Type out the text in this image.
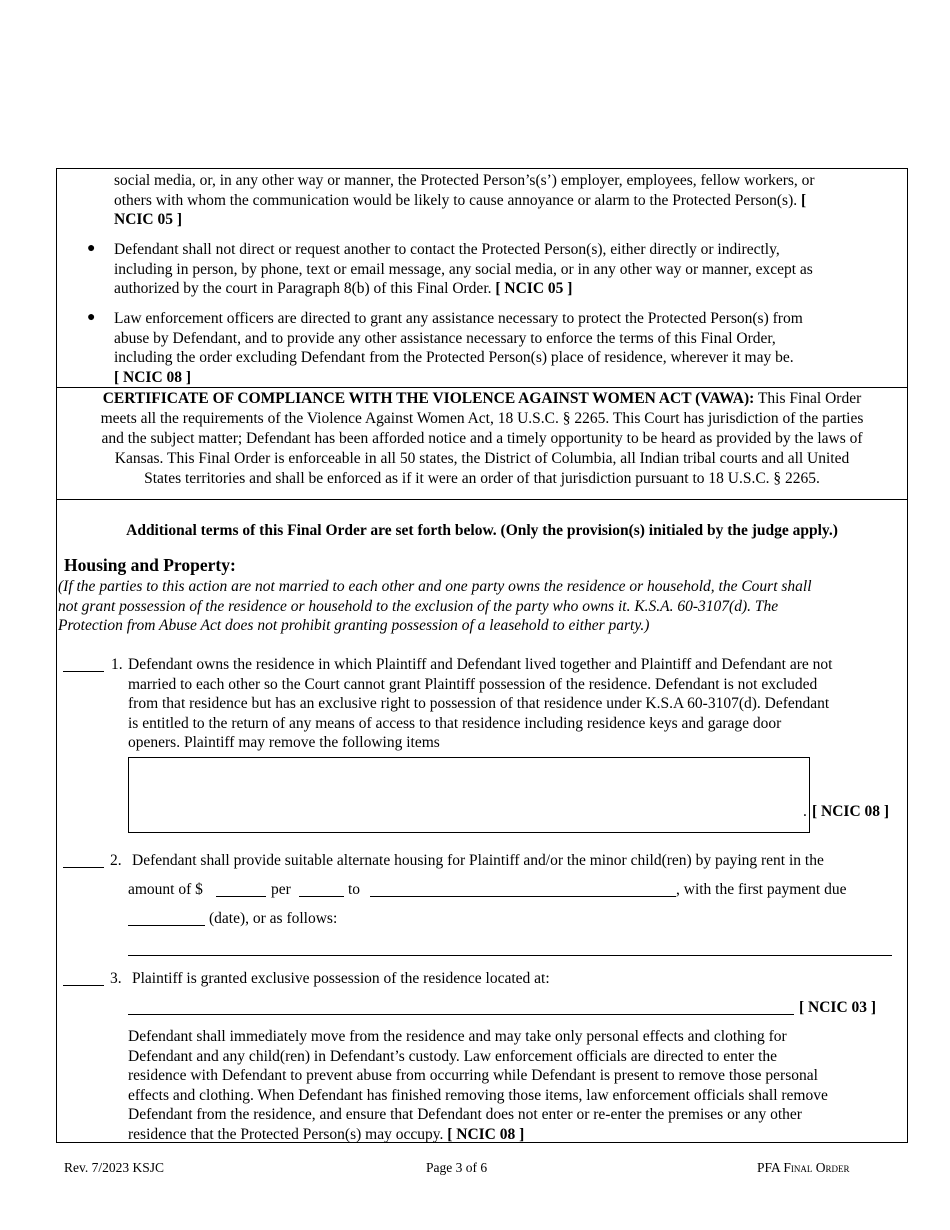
social media, or, in any other way or manner, the Protected Person’s(s’) employer, employees, fellow workers, or

others with whom the communication would be likely to cause annoyance or alarm to the Protected Person(s). [

NCIC 05 ]

● Defendant shall not direct or request another to contact the Protected Person(s), either directly or indirectly,

including in person, by phone, text or email message, any social media, or in any other way or manner, except as

authorized by the court in Paragraph 8(b) of this Final Order. [ NCIC 05 ]

● Law enforcement officers are directed to grant any assistance necessary to protect the Protected Person(s) from

abuse by Defendant, and to provide any other assistance necessary to enforce the terms of this Final Order,

including the order excluding Defendant from the Protected Person(s) place of residence, wherever it may be.

[ NCIC 08 ]

CERTIFICATE OF COMPLIANCE WITH THE VIOLENCE AGAINST WOMEN ACT (VAWA): This Final Order
meets all the requirements of the Violence Against Women Act, 18 U.S.C. § 2265. This Court has jurisdiction of the parties
and the subject matter; Defendant has been afforded notice and a timely opportunity to be heard as provided by the laws of
Kansas. This Final Order is enforceable in all 50 states, the District of Columbia, all Indian tribal courts and all United
States territories and shall be enforced as if it were an order of that jurisdiction pursuant to 18 U.S.C. § 2265.

Additional terms of this Final Order are set forth below. (Only the provision(s) initialed by the judge apply.)

Housing and Property:

(If the parties to this action are not married to each other and one party owns the residence or household, the Court shall

not grant possession of the residence or household to the exclusion of the party who owns it. K.S.A. 60-3107(d). The

Protection from Abuse Act does not prohibit granting possession of a leasehold to either party.)

1. Defendant owns the residence in which Plaintiff and Defendant lived together and Plaintiff and Defendant are not

married to each other so the Court cannot grant Plaintiff possession of the residence. Defendant is not excluded

from that residence but has an exclusive right to possession of that residence under K.S.A 60-3107(d). Defendant

is entitled to the return of any means of access to that residence including residence keys and garage door

openers. Plaintiff may remove the following items

. [ NCIC 08 ]

2. Defendant shall provide suitable alternate housing for Plaintiff and/or the minor child(ren) by paying rent in the

amount of $	per	to	, with the first payment due

(date), or as follows:

3. Plaintiff is granted exclusive possession of the residence located at:

[ NCIC 03 ]

Defendant shall immediately move from the residence and may take only personal effects and clothing for

Defendant and any child(ren) in Defendant’s custody. Law enforcement officials are directed to enter the

residence with Defendant to prevent abuse from occurring while Defendant is present to remove those personal

effects and clothing. When Defendant has finished removing those items, law enforcement officials shall remove

Defendant from the residence, and ensure that Defendant does not enter or re-enter the premises or any other

residence that the Protected Person(s) may occupy. [ NCIC 08 ]

Rev. 7/2023 KSJC	Page 3 of 6	PFA Final Order
